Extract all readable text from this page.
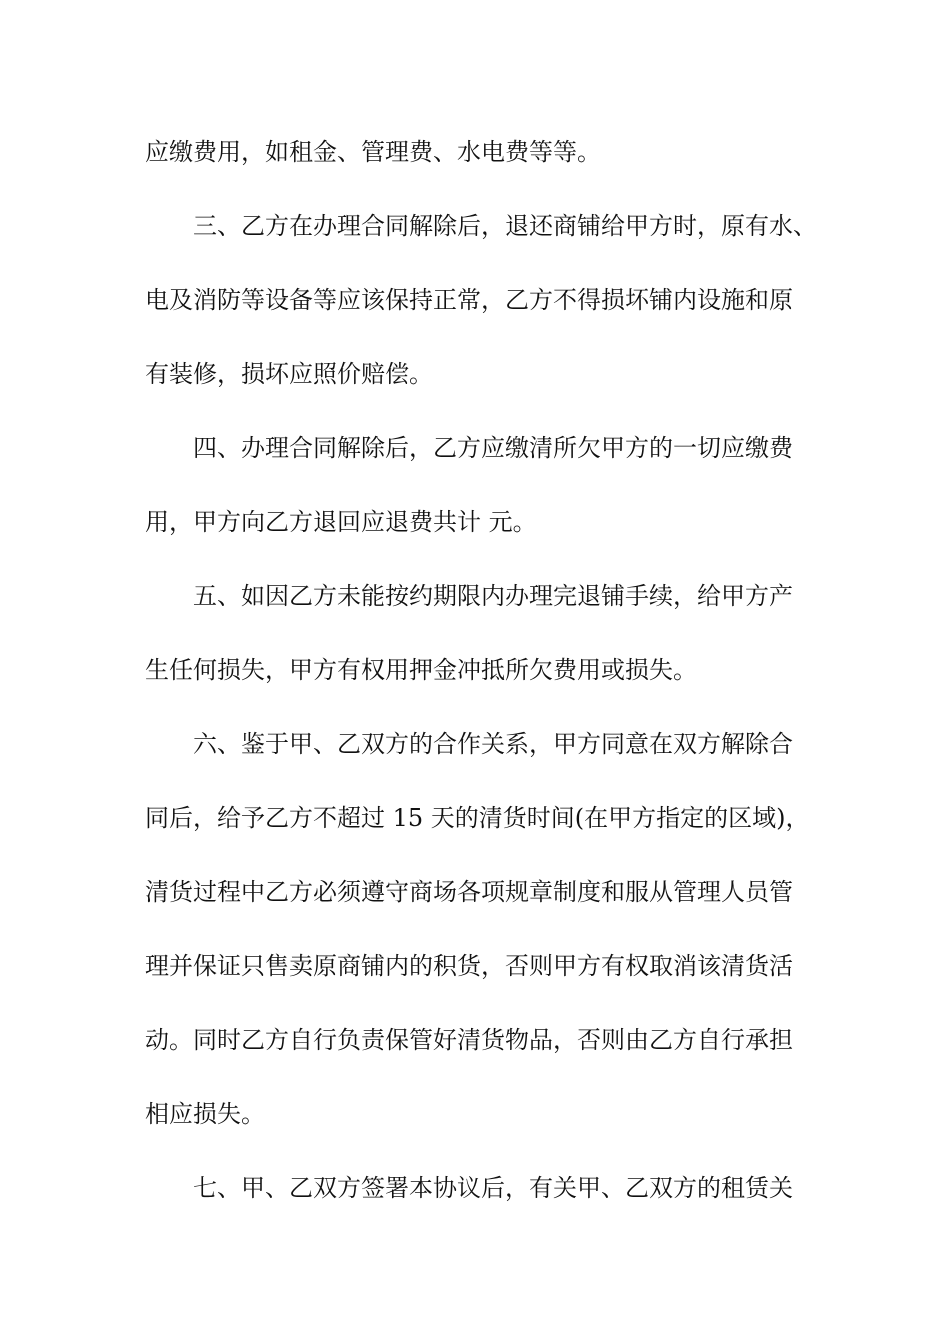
应缴费用，如租金、管理费、水电费等等。
三、乙方在办理合同解除后，退还商铺给甲方时，原有水、
电及消防等设备等应该保持正常，乙方不得损坏铺内设施和原
有装修，损坏应照价赔偿。
四、办理合同解除后，乙方应缴清所欠甲方的一切应缴费
用，甲方向乙方退回应退费共计 元。
五、如因乙方未能按约期限内办理完退铺手续，给甲方产
生任何损失，甲方有权用押金冲抵所欠费用或损失。
六、鉴于甲、乙双方的合作关系，甲方同意在双方解除合
同后，给予乙方不超过 15 天的清货时间(在甲方指定的区域)，
清货过程中乙方必须遵守商场各项规章制度和服从管理人员管
理并保证只售卖原商铺内的积货，否则甲方有权取消该清货活
动。同时乙方自行负责保管好清货物品，否则由乙方自行承担
相应损失。
七、甲、乙双方签署本协议后，有关甲、乙双方的租赁关
